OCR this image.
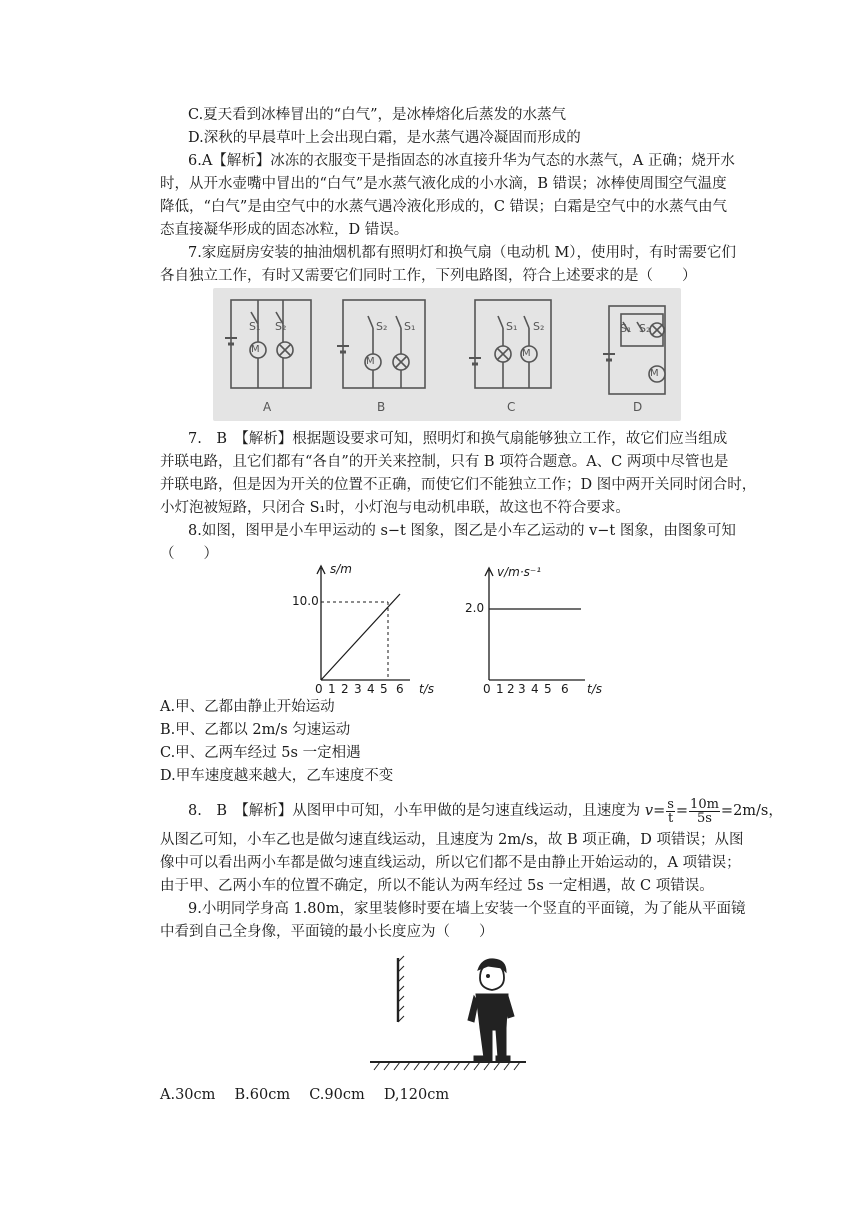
C.夏天看到冰棒冒出的“白气”，是冰棒熔化后蒸发的水蒸气
D.深秋的早晨草叶上会出现白霜，是水蒸气遇冷凝固而形成的
6.A【解析】冰冻的衣服变干是指固态的冰直接升华为气态的水蒸气，A 正确；烧开水
时，从开水壶嘴中冒出的“白气”是水蒸气液化成的小水滴，B 错误；冰棒使周围空气温度
降低，“白气”是由空气中的水蒸气遇冷液化形成的，C 错误；白霜是空气中的水蒸气由气
态直接凝华形成的固态冰粒，D 错误。
7.家庭厨房安装的抽油烟机都有照明灯和换气扇（电动机 M），使用时，有时需要它们
各自独立工作，有时又需要它们同时工作，下列电路图，符合上述要求的是（　　）
A	B	C	D
S₁ S₂
M
S₂ S₁
M
S₁ S₂
M
S₁ S₂
M
7.　B　【解析】根据题设要求可知，照明灯和换气扇能够独立工作，故它们应当组成
并联电路，且它们都有“各自”的开关来控制，只有 B 项符合题意。A、C 两项中尽管也是
并联电路，但是因为开关的位置不正确，而使它们不能独立工作；D 图中两开关同时闭合时，
小灯泡被短路，只闭合 S₁时，小灯泡与电动机串联，故这也不符合要求。
8.如图，图甲是小车甲运动的 s−t 图象，图乙是小车乙运动的 v−t 图象，由图象可知
（　　）
s/m
10.0
0 1 2 3 4 5 6 t/s
v/m·s⁻¹
2.0
0 1 2 3 4 5 6 t/s
A.甲、乙都由静止开始运动
B.甲、乙都以 2m/s 匀速运动
C.甲、乙两车经过 5s 一定相遇
D.甲车速度越来越大，乙车速度不变
8.　B　【解析】从图甲中可知，小车甲做的是匀速直线运动，且速度为 $v= \frac{s}{t} = \frac{10m}{5s} =2m/s$，
从图乙可知，小车乙也是做匀速直线运动，且速度为 2m/s，故 B 项正确，D 项错误；从图
像中可以看出两小车都是做匀速直线运动，所以它们都不是由静止开始运动的，A 项错误；
由于甲、乙两小车的位置不确定，所以不能认为两车经过 5s 一定相遇，故 C 项错误。
9.小明同学身高 1.80m，家里装修时要在墙上安装一个竖直的平面镜，为了能从平面镜
中看到自己全身像，平面镜的最小长度应为（　　）
A.30cm　 B.60cm　 C.90cm　 D,120cm
